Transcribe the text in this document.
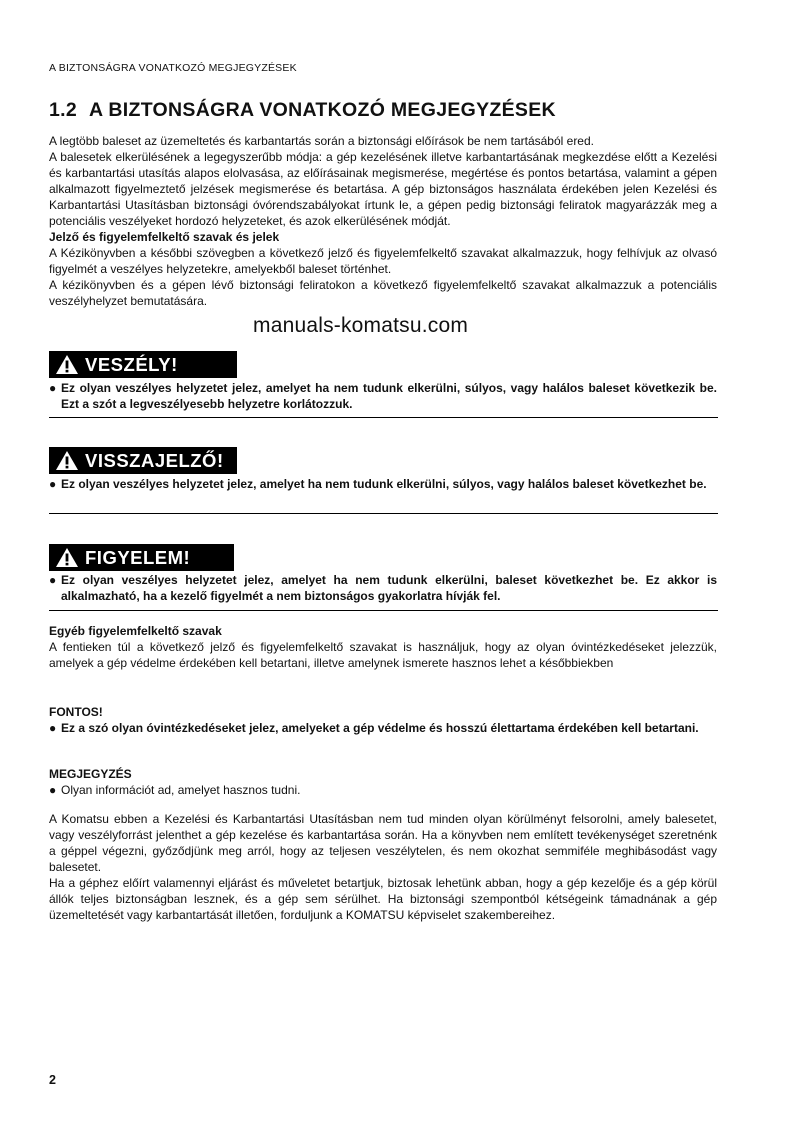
A BIZTONSÁGRA VONATKOZÓ MEGJEGYZÉSEK
1.2 A BIZTONSÁGRA VONATKOZÓ MEGJEGYZÉSEK

A legtöbb baleset az üzemeltetés és karbantartás során a biztonsági előírások be nem tartásából ered.

A balesetek elkerülésének a legegyszerűbb módja: a gép kezelésének illetve karbantartásának megkezdése előtt a Kezelési és karbantartási utasítás alapos elolvasása, az előírásainak megismerése, megértése és pontos betartása, valamint a gépen alkalmazott figyelmeztető jelzések megismerése és betartása. A gép biztonságos használata érdekében jelen Kezelési és Karbantartási Utasításban biztonsági óvórendszabályokat írtunk le, a gépen pedig biztonsági feliratok magyarázzák meg a potenciális veszélyeket hordozó helyzeteket, és azok elkerülésének módját.

Jelző és figyelemfelkeltő szavak és jelek

A Kézikönyvben a későbbi szövegben a következő jelző és figyelemfelkeltő szavakat alkalmazzuk, hogy felhívjuk az olvasó figyelmét a veszélyes helyzetekre, amelyekből baleset történhet.

A kézikönyvben és a gépen lévő biztonsági feliratokon a következő figyelemfelkeltő szavakat alkalmazzuk a potenciális veszélyhelyzet bemutatására.

manuals-komatsu.com
VESZÉLY!
● Ez olyan veszélyes helyzetet jelez, amelyet ha nem tudunk elkerülni, súlyos, vagy halálos baleset következik be. Ezt a szót a legveszélyesebb helyzetre korlátozzuk.
VISSZAJELZŐ!
● Ez olyan veszélyes helyzetet jelez, amelyet ha nem tudunk elkerülni, súlyos, vagy halálos baleset következhet be.
FIGYELEM!
● Ez olyan veszélyes helyzetet jelez, amelyet ha nem tudunk elkerülni, baleset következhet be. Ez akkor is alkalmazható, ha a kezelő figyelmét a nem biztonságos gyakorlatra hívják fel.

Egyéb figyelemfelkeltő szavak

A fentieken túl a következő jelző és figyelemfelkeltő szavakat is használjuk, hogy az olyan óvintézkedéseket jelezzük, amelyek a gép védelme érdekében kell betartani, illetve amelynek ismerete hasznos lehet a későbbiekben

FONTOS!

● Ez a szó olyan óvintézkedéseket jelez, amelyeket a gép védelme és hosszú élettartama érdekében kell betartani.

MEGJEGYZÉS

● Olyan információt ad, amelyet hasznos tudni.

A Komatsu ebben a Kezelési és Karbantartási Utasításban nem tud minden olyan körülményt felsorolni, amely balesetet, vagy veszélyforrást jelenthet a gép kezelése és karbantartása során. Ha a könyvben nem említett tevékenységet szeretnénk a géppel végezni, győződjünk meg arról, hogy az teljesen veszélytelen, és nem okozhat semmiféle meghibásodást vagy balesetet.

Ha a géphez előírt valamennyi eljárást és műveletet betartjuk, biztosak lehetünk abban, hogy a gép kezelője és a gép körül állók teljes biztonságban lesznek, és a gép sem sérülhet. Ha biztonsági szempontból kétségeink támadnának a gép üzemeltetését vagy karbantartását illetően, forduljunk a KOMATSU képviselet szakembereihez.

2
